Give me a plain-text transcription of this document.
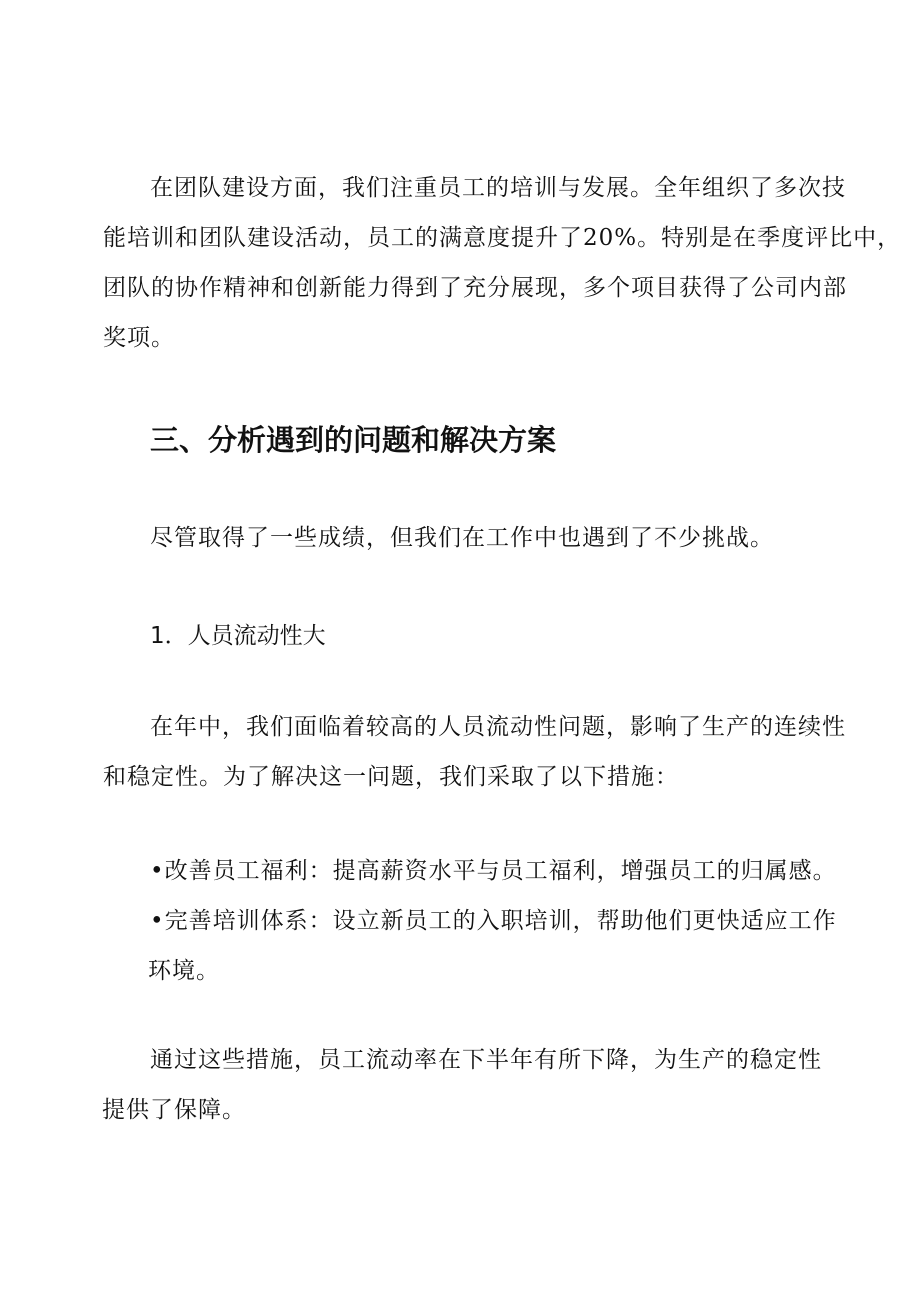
在团队建设方面，我们注重员工的培训与发展。全年组织了多次技
能培训和团队建设活动，员工的满意度提升了20%。特别是在季度评比中，
团队的协作精神和创新能力得到了充分展现，多个项目获得了公司内部
奖项。
三、分析遇到的问题和解决方案
尽管取得了一些成绩，但我们在工作中也遇到了不少挑战。
1．人员流动性大
在年中，我们面临着较高的人员流动性问题，影响了生产的连续性
和稳定性。为了解决这一问题，我们采取了以下措施：
•改善员工福利：提高薪资水平与员工福利，增强员工的归属感。
•完善培训体系：设立新员工的入职培训，帮助他们更快适应工作
环境。
通过这些措施，员工流动率在下半年有所下降，为生产的稳定性
提供了保障。
